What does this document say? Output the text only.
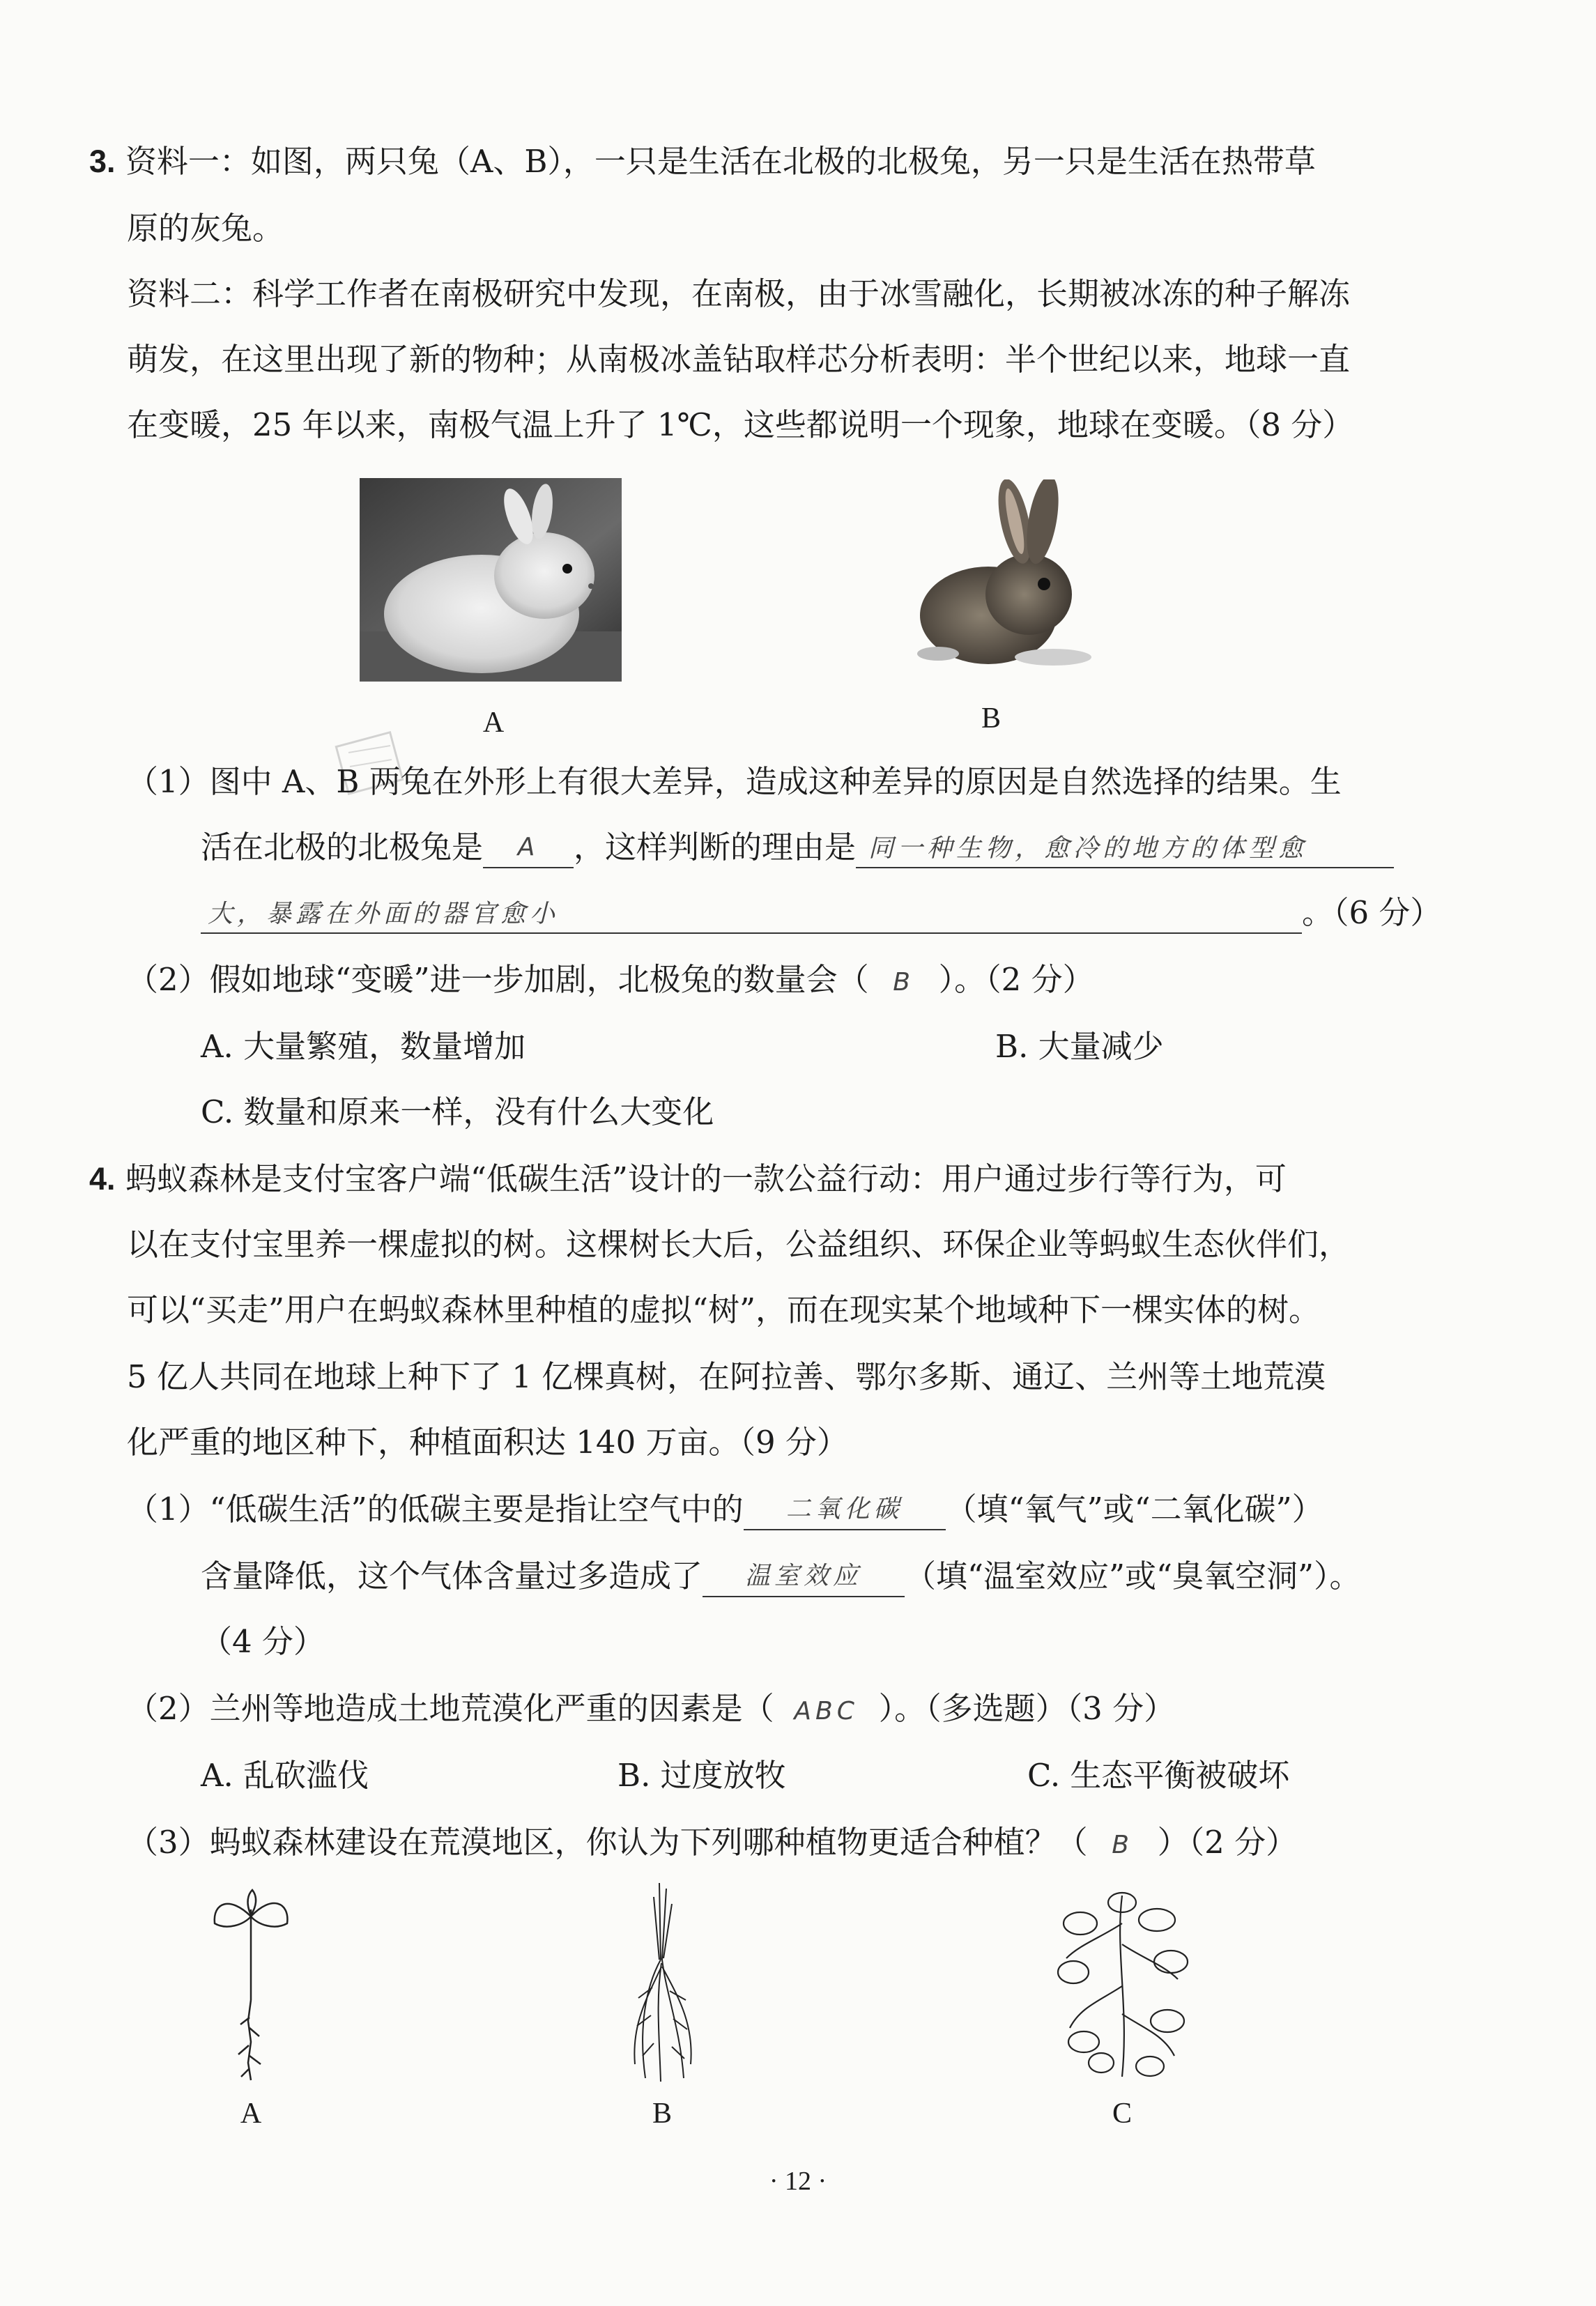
3. 资料一：如图，两只兔（A、B），一只是生活在北极的北极兔，另一只是生活在热带草
原的灰兔。
资料二：科学工作者在南极研究中发现，在南极，由于冰雪融化，长期被冰冻的种子解冻
萌发，在这里出现了新的物种；从南极冰盖钻取样芯分析表明：半个世纪以来，地球一直
在变暖，25 年以来，南极气温上升了 1℃，这些都说明一个现象，地球在变暖。（8 分）
A	B
（1）图中 A、B 两兔在外形上有很大差异，造成这种差异的原因是自然选择的结果。生
活在北极的北极兔是 A ，这样判断的理由是 同一种生物，愈冷的地方的体型愈
大，暴露在外面的器官愈小	。（6 分）
（2）假如地球“变暖”进一步加剧，北极兔的数量会（ B ）。（2 分）
A. 大量繁殖，数量增加	B. 大量减少
C. 数量和原来一样，没有什么大变化
4. 蚂蚁森林是支付宝客户端“低碳生活”设计的一款公益行动：用户通过步行等行为，可
以在支付宝里养一棵虚拟的树。这棵树长大后，公益组织、环保企业等蚂蚁生态伙伴们，
可以“买走”用户在蚂蚁森林里种植的虚拟“树”，而在现实某个地域种下一棵实体的树。
5 亿人共同在地球上种下了 1 亿棵真树，在阿拉善、鄂尔多斯、通辽、兰州等土地荒漠
化严重的地区种下，种植面积达 140 万亩。（9 分）
（1）“低碳生活”的低碳主要是指让空气中的 二氧化碳 （填“氧气”或“二氧化碳”）
含量降低，这个气体含量过多造成了 温室效应 （填“温室效应”或“臭氧空洞”）。
（4 分）
（2）兰州等地造成土地荒漠化严重的因素是（ ABC ）。（多选题）（3 分）
A. 乱砍滥伐	B. 过度放牧	C. 生态平衡被破坏
（3）蚂蚁森林建设在荒漠地区，你认为下列哪种植物更适合种植？（ B ）（2 分）
A	B	C
· 12 ·
